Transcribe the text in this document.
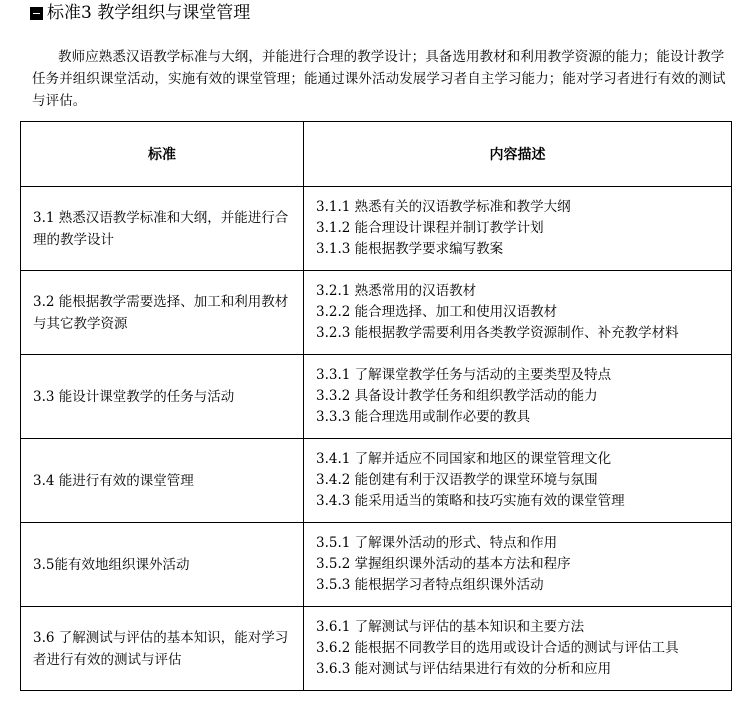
标准3 教学组织与课堂管理

教师应熟悉汉语教学标准与大纲，并能进行合理的教学设计；具备选用教材和利用教学资源的能力；能设计教学任务并组织课堂活动，实施有效的课堂管理；能通过课外活动发展学习者自主学习能力；能对学习者进行有效的测试与评估。

标准	内容描述
3.1 熟悉汉语教学标准和大纲，并能进行合理的教学设计	3.1.1 熟悉有关的汉语教学标准和教学大纲
3.1.2 能合理设计课程并制订教学计划
3.1.3 能根据教学要求编写教案

3.2 能根据教学需要选择、加工和利用教材与其它教学资源	3.2.1 熟悉常用的汉语教材
3.2.2 能合理选择、加工和使用汉语教材
3.2.3 能根据教学需要利用各类教学资源制作、补充教学材料

3.3 能设计课堂教学的任务与活动	3.3.1 了解课堂教学任务与活动的主要类型及特点
3.3.2 具备设计教学任务和组织教学活动的能力
3.3.3 能合理选用或制作必要的教具

3.4 能进行有效的课堂管理	3.4.1 了解并适应不同国家和地区的课堂管理文化
3.4.2 能创建有利于汉语教学的课堂环境与氛围
3.4.3 能采用适当的策略和技巧实施有效的课堂管理

3.5能有效地组织课外活动	3.5.1 了解课外活动的形式、特点和作用
3.5.2 掌握组织课外活动的基本方法和程序
3.5.3 能根据学习者特点组织课外活动

3.6 了解测试与评估的基本知识，能对学习者进行有效的测试与评估	3.6.1 了解测试与评估的基本知识和主要方法
3.6.2 能根据不同教学目的选用或设计合适的测试与评估工具
3.6.3 能对测试与评估结果进行有效的分析和应用
